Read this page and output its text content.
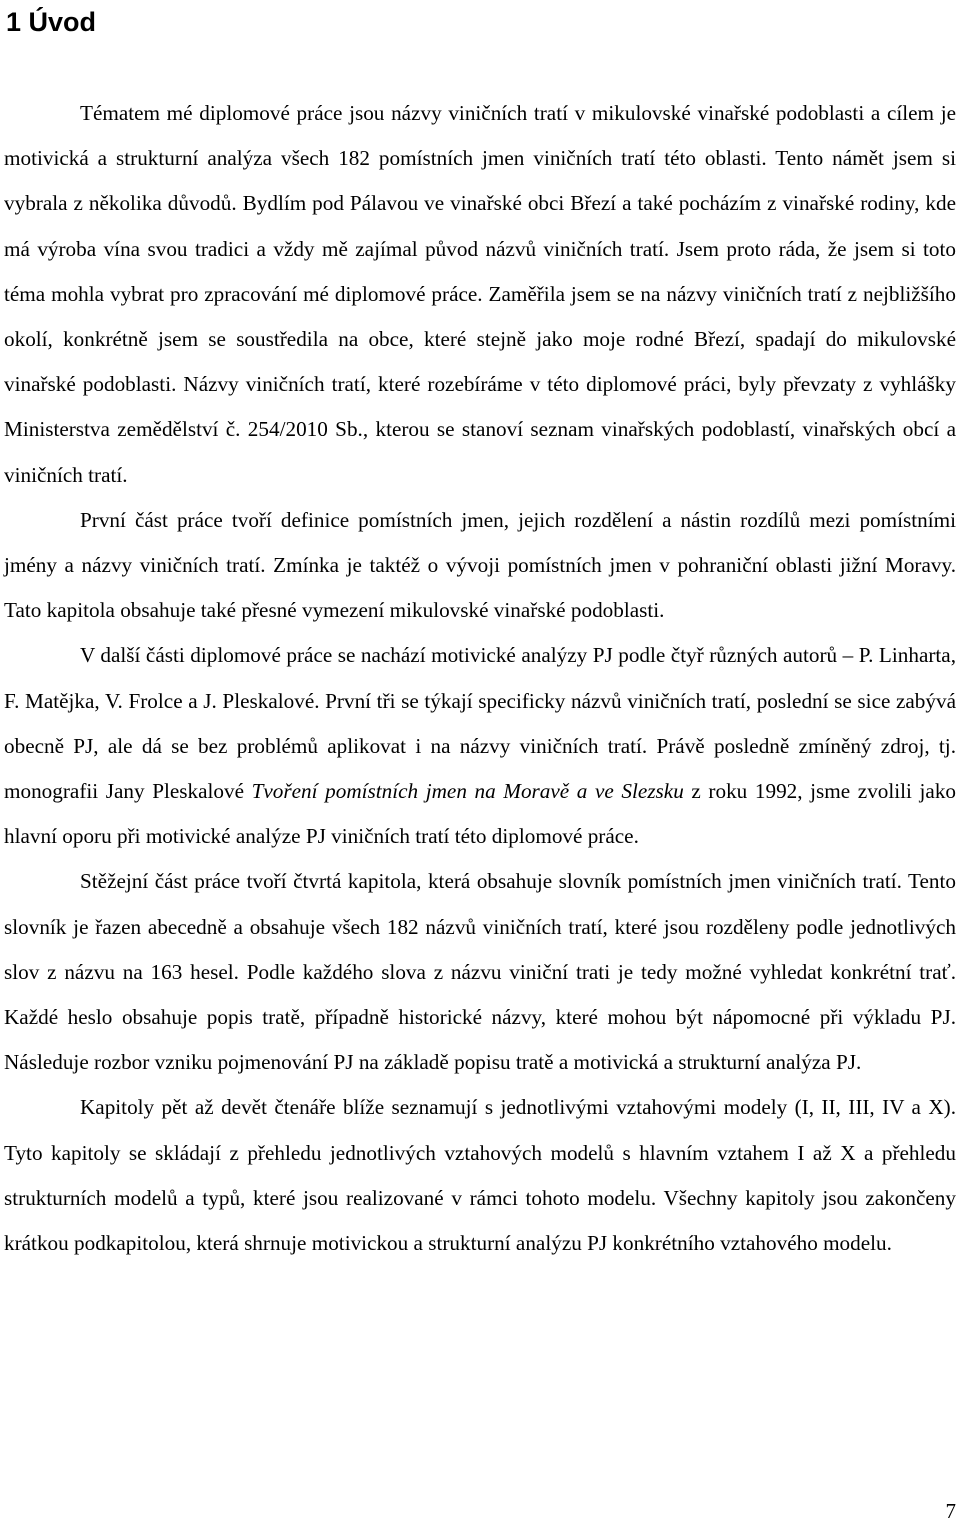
1 Úvod

Tématem mé diplomové práce jsou názvy viničních tratí v mikulovské vinařské podoblasti a cílem je motivická a strukturní analýza všech 182 pomístních jmen viničních tratí této oblasti. Tento námět jsem si vybrala z několika důvodů. Bydlím pod Pálavou ve vinařské obci Březí a také pocházím z vinařské rodiny, kde má výroba vína svou tradici a vždy mě zajímal původ názvů viničních tratí. Jsem proto ráda, že jsem si toto téma mohla vybrat pro zpracování mé diplomové práce. Zaměřila jsem se na názvy viničních tratí z nejbližšího okolí, konkrétně jsem se soustředila na obce, které stejně jako moje rodné Březí, spadají do mikulovské vinařské podoblasti. Názvy viničních tratí, které rozebíráme v této diplomové práci, byly převzaty z vyhlášky Ministerstva zemědělství č. 254/2010 Sb., kterou se stanoví seznam vinařských podoblastí, vinařských obcí a viničních tratí.

První část práce tvoří definice pomístních jmen, jejich rozdělení a nástin rozdílů mezi pomístními jmény a názvy viničních tratí. Zmínka je taktéž o vývoji pomístních jmen v pohraniční oblasti jižní Moravy. Tato kapitola obsahuje také přesné vymezení mikulovské vinařské podoblasti.

V další části diplomové práce se nachází motivické analýzy PJ podle čtyř různých autorů – P. Linharta, F. Matějka, V. Frolce a J. Pleskalové. První tři se týkají specificky názvů viničních tratí, poslední se sice zabývá obecně PJ, ale dá se bez problémů aplikovat i na názvy viničních tratí. Právě posledně zmíněný zdroj, tj. monografii Jany Pleskalové Tvoření pomístních jmen na Moravě a ve Slezsku z roku 1992, jsme zvolili jako hlavní oporu při motivické analýze PJ viničních tratí této diplomové práce.

Stěžejní část práce tvoří čtvrtá kapitola, která obsahuje slovník pomístních jmen viničních tratí. Tento slovník je řazen abecedně a obsahuje všech 182 názvů viničních tratí, které jsou rozděleny podle jednotlivých slov z názvu na 163 hesel. Podle každého slova z názvu viniční trati je tedy možné vyhledat konkrétní trať. Každé heslo obsahuje popis tratě, případně historické názvy, které mohou být nápomocné při výkladu PJ. Následuje rozbor vzniku pojmenování PJ na základě popisu tratě a motivická a strukturní analýza PJ.

Kapitoly pět až devět čtenáře blíže seznamují s jednotlivými vztahovými modely (I, II, III, IV a X). Tyto kapitoly se skládají z přehledu jednotlivých vztahových modelů s hlavním vztahem I až X a přehledu strukturních modelů a typů, které jsou realizované v rámci tohoto modelu. Všechny kapitoly jsou zakončeny krátkou podkapitolou, která shrnuje motivickou a strukturní analýzu PJ konkrétního vztahového modelu.

7
